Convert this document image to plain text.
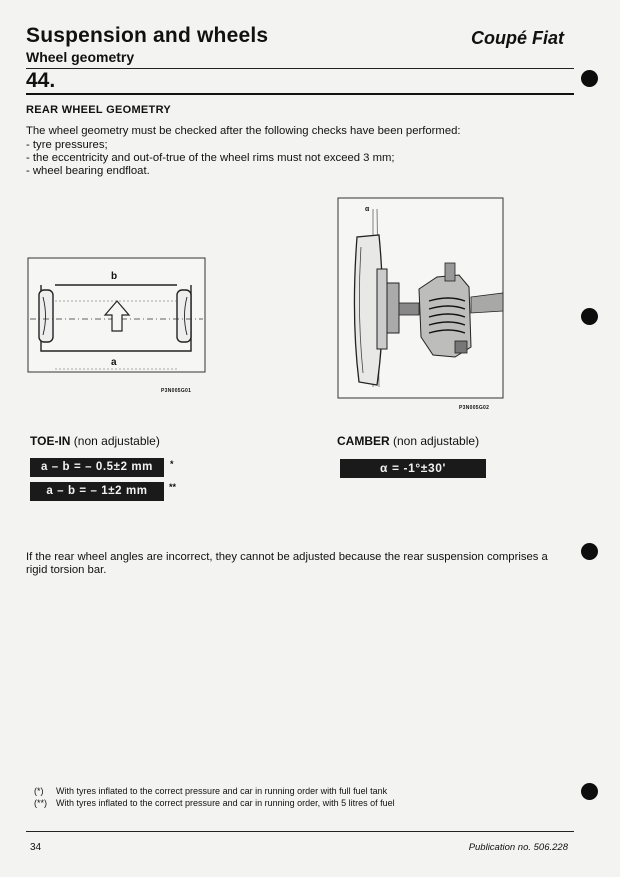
Suspension and wheels
Wheel geometry
Coupé Fiat
44.
REAR WHEEL GEOMETRY
The wheel geometry must be checked after the following checks have been performed:
- tyre pressures;
- the eccentricity and out-of-true of the wheel rims must not exceed 3 mm;
- wheel bearing endfloat.
b
a
P3N005G01
α
P3N005G02
TOE-IN (non adjustable)
a – b = – 0.5±2 mm	*
a – b = – 1±2 mm	**
CAMBER (non adjustable)
α = -1°±30'
If the rear wheel angles are incorrect, they cannot be adjusted because the rear suspension comprises a rigid torsion bar.
(*) With tyres inflated to the correct pressure and car in running order with full fuel tank
(**) With tyres inflated to the correct pressure and car in running order, with 5 litres of fuel
34	Publication no. 506.228
